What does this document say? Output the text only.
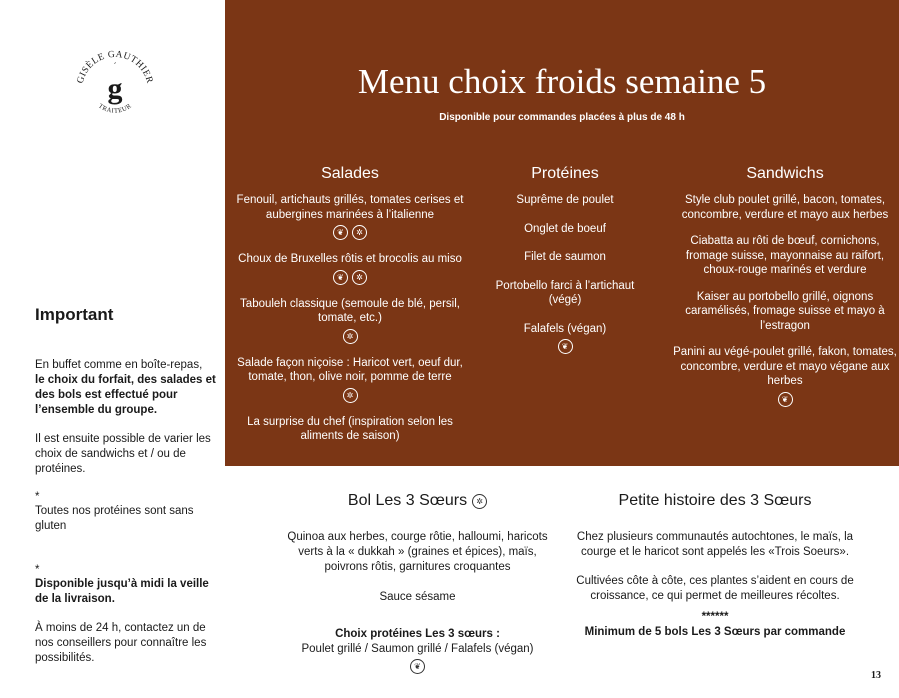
GISÈLE GAUTHIER
g
´
TRAITEUR
Important
En buffet comme en boîte-repas,
le choix du forfait, des salades et des bols est effectué pour l’ensemble du groupe.
Il est ensuite possible de varier les choix de sandwichs et / ou de protéines.
*
Toutes nos protéines sont sans gluten
*
Disponible jusqu’à midi la veille de la livraison.
À moins de 24 h, contactez un de nos conseillers pour connaître les possibilités.
Menu choix froids semaine 5
Disponible pour commandes placées à plus de 48 h
Salades
Fenouil, artichauts grillés, tomates cerises et aubergines marinées à l’italienne
❦	✲
Choux de Bruxelles rôtis et brocolis au miso
❦	✲
Tabouleh classique (semoule de blé, persil, tomate, etc.)
✲
Salade façon niçoise : Haricot vert, oeuf dur, tomate, thon, olive noir, pomme de terre
✲
La surprise du chef (inspiration selon les aliments de saison)
Protéines
Suprême de poulet
Onglet de boeuf
Filet de saumon
Portobello farci à l’artichaut (végé)
Falafels (végan)
❦
Sandwichs
Style club poulet grillé, bacon, tomates, concombre, verdure et mayo aux herbes
Ciabatta au rôti de bœuf, cornichons, fromage suisse, mayonnaise au raifort, choux-rouge marinés et verdure
Kaiser au portobello grillé, oignons caramélisés, fromage suisse et mayo à l’estragon
Panini au végé-poulet grillé, fakon, tomates, concombre, verdure et mayo végane aux herbes
❦
Bol Les 3 Sœurs	✲
Quinoa aux herbes, courge rôtie, halloumi, haricots verts à la « dukkah » (graines et épices), maïs, poivrons rôtis, garnitures croquantes
Sauce sésame
Choix protéines Les 3 sœurs :
Poulet grillé / Saumon grillé / Falafels (végan)
❦
Petite histoire des 3 Sœurs
Chez plusieurs communautés autochtones, le maïs, la courge et le haricot sont appelés les «Trois Soeurs».
Cultivées côte à côte, ces plantes s’aident en cours de croissance, ce qui permet de meilleures récoltes.
******
Minimum de 5 bols Les 3 Sœurs par commande
13
